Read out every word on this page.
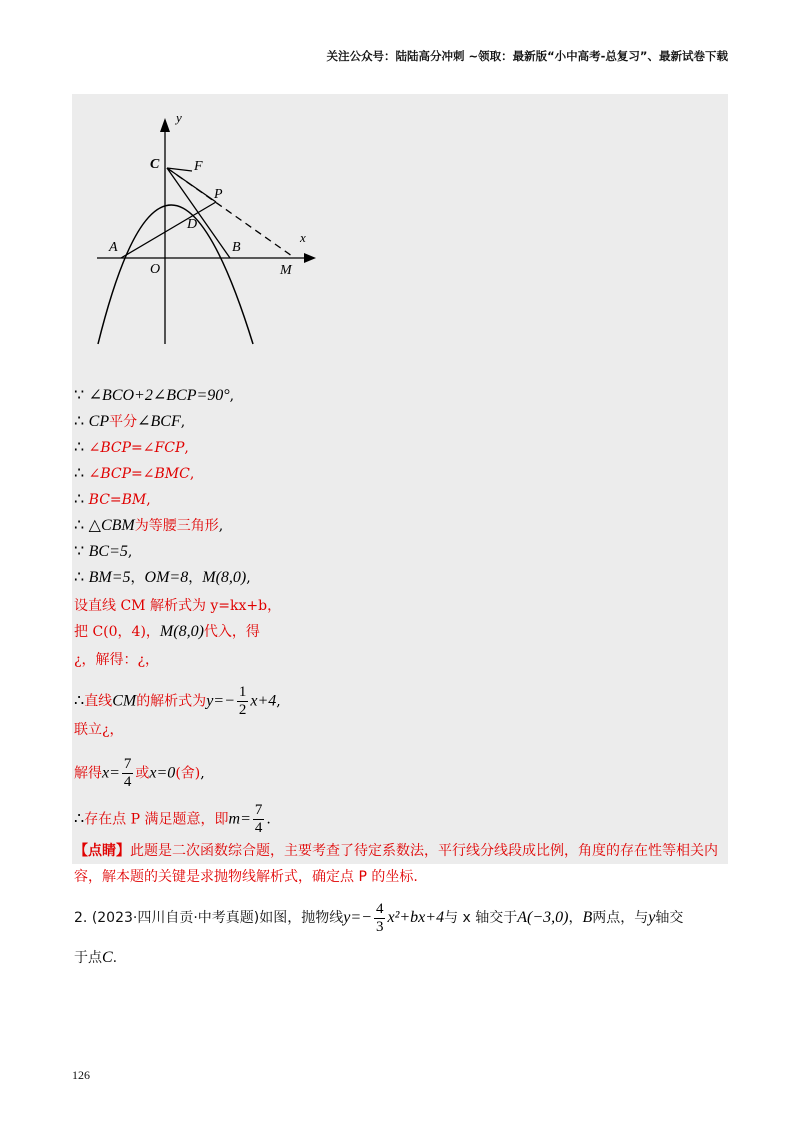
关注公众号：陆陆高分冲刺 ~领取：最新版“小中高考-总复习”、最新试卷下载
y
x
C F
P
D
A
O
B
M
∵ ∠BCO+2∠BCP=90°,
∴ CP平分∠BCF,
∴ ∠BCP=∠FCP,
∴ ∠BCP=∠BMC,
∴ BC=BM,
∴ △CBM为等腰三角形,
∵ BC=5,
∴ BM=5，OM=8，M(8,0),
设直线 CM 解析式为 y=kx+b，
把 C(0，4)，M(8,0)代入，得
¿，解得：¿，
∴直线CM的解析式为$y=- \frac{1}{2} x+4$,
联立¿，
解得$x= \frac{7}{4}$ 或x=0(舍),
∴存在点 P 满足题意，即$m= \frac{7}{4}$ .
【点睛】此题是二次函数综合题，主要考查了待定系数法，平行线分线段成比例，角度的存在性等相关内容，解本题的关键是求抛物线解析式，确定点 P 的坐标.
2. (2023·四川自贡·中考真题)如图，抛物线$y=- \frac{4}{3} x^2+bx+4$与 x 轴交于A(−3,0)，B两点，与y轴交
于点C.
126
